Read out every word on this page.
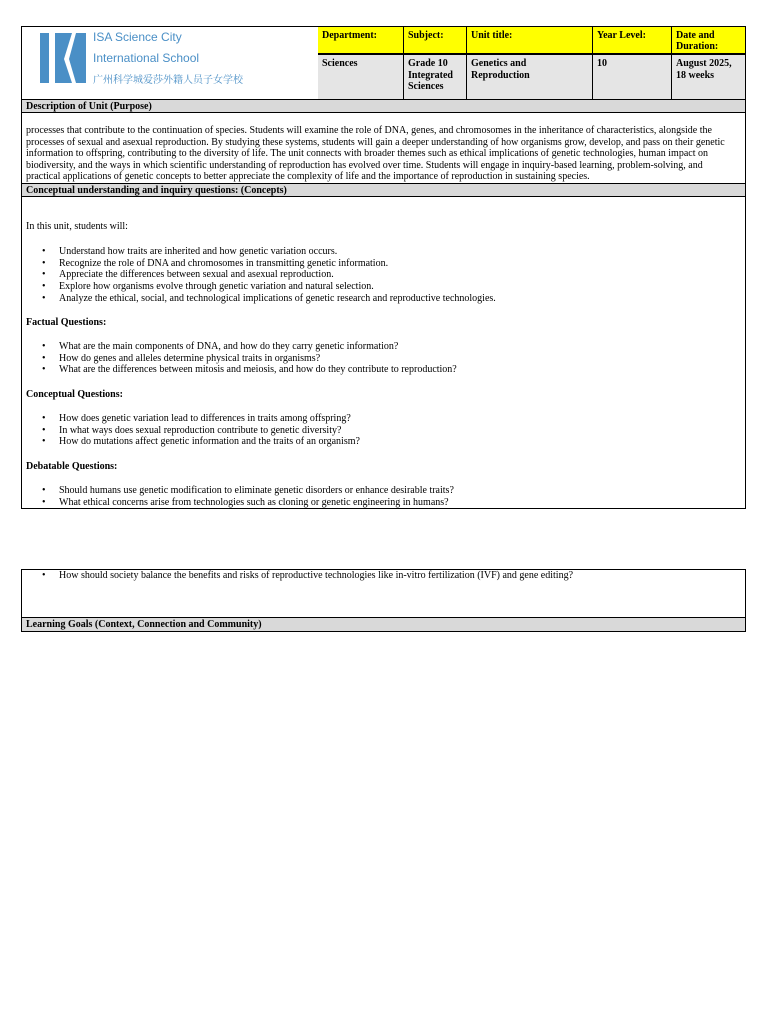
ISA Science City
International School
广州科学城爱莎外籍人员子女学校
Department:
Sciences
Subject:
Grade 10 Integrated Sciences
Unit title:
Genetics and Reproduction
Year Level:
10
Date and Duration:
August 2025, 18 weeks
Description of Unit (Purpose)
processes that contribute to the continuation of species. Students will examine the role of DNA, genes, and chromosomes in the inheritance of characteristics, alongside the processes of sexual and asexual reproduction. By studying these systems, students will gain a deeper understanding of how organisms grow, develop, and pass on their genetic information to offspring, contributing to the diversity of life. The unit connects with broader themes such as ethical implications of genetic technologies, human impact on biodiversity, and the ways in which scientific understanding of reproduction has evolved over time. Students will engage in inquiry-based learning, problem-solving, and practical applications of genetic concepts to better appreciate the complexity of life and the importance of reproduction in sustaining species.
Conceptual understanding and inquiry questions: (Concepts)
In this unit, students will:
• Understand how traits are inherited and how genetic variation occurs.
• Recognize the role of DNA and chromosomes in transmitting genetic information.
• Appreciate the differences between sexual and asexual reproduction.
• Explore how organisms evolve through genetic variation and natural selection.
• Analyze the ethical, social, and technological implications of genetic research and reproductive technologies.
Factual Questions:
• What are the main components of DNA, and how do they carry genetic information?
• How do genes and alleles determine physical traits in organisms?
• What are the differences between mitosis and meiosis, and how do they contribute to reproduction?
Conceptual Questions:
• How does genetic variation lead to differences in traits among offspring?
• In what ways does sexual reproduction contribute to genetic diversity?
• How do mutations affect genetic information and the traits of an organism?
Debatable Questions:
• Should humans use genetic modification to eliminate genetic disorders or enhance desirable traits?
• What ethical concerns arise from technologies such as cloning or genetic engineering in humans?
• How should society balance the benefits and risks of reproductive technologies like in-vitro fertilization (IVF) and gene editing?
Learning Goals (Context, Connection and Community)
